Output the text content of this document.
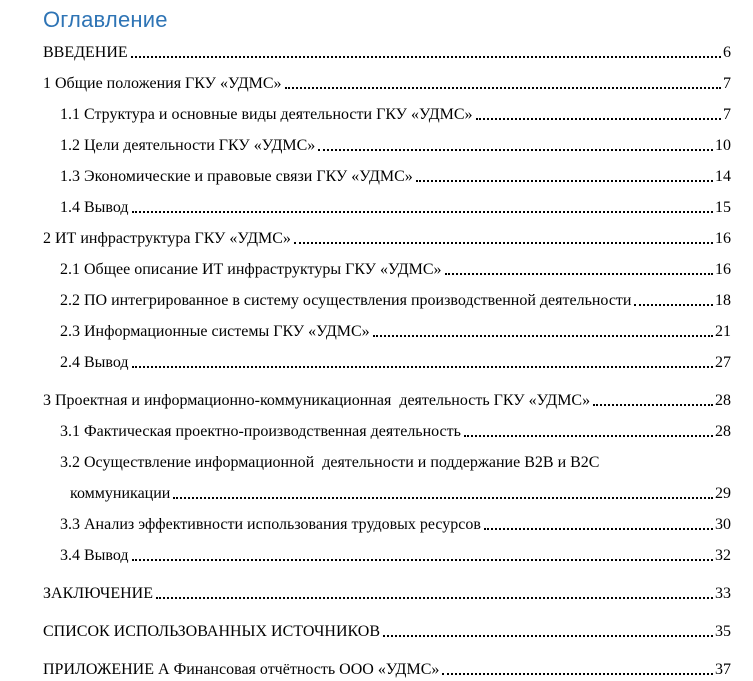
Оглавление
ВВЕДЕНИЕ	6
1 Общие положения ГКУ «УДМС»	7
1.1 Структура и основные виды деятельности ГКУ «УДМС»	7
1.2 Цели деятельности ГКУ «УДМС»	10
1.3 Экономические и правовые связи ГКУ «УДМС»	14
1.4 Вывод	15
2 ИТ инфраструктура ГКУ «УДМС»	16
2.1 Общее описание ИТ инфраструктуры ГКУ «УДМС»	16
2.2 ПО интегрированное в систему осуществления производственной деятельности	18
2.3 Информационные системы ГКУ «УДМС»	21
2.4 Вывод	27
3 Проектная и информационно-коммуникационная  деятельность ГКУ «УДМС»	28
3.1 Фактическая проектно-производственная деятельность	28
3.2 Осуществление информационной  деятельности и поддержание B2B и B2C
коммуникации	29
3.3 Анализ эффективности использования трудовых ресурсов	30
3.4 Вывод	32
ЗАКЛЮЧЕНИЕ	33
СПИСОК ИСПОЛЬЗОВАННЫХ ИСТОЧНИКОВ	35
ПРИЛОЖЕНИЕ А Финансовая отчётность ООО «УДМС»	37
